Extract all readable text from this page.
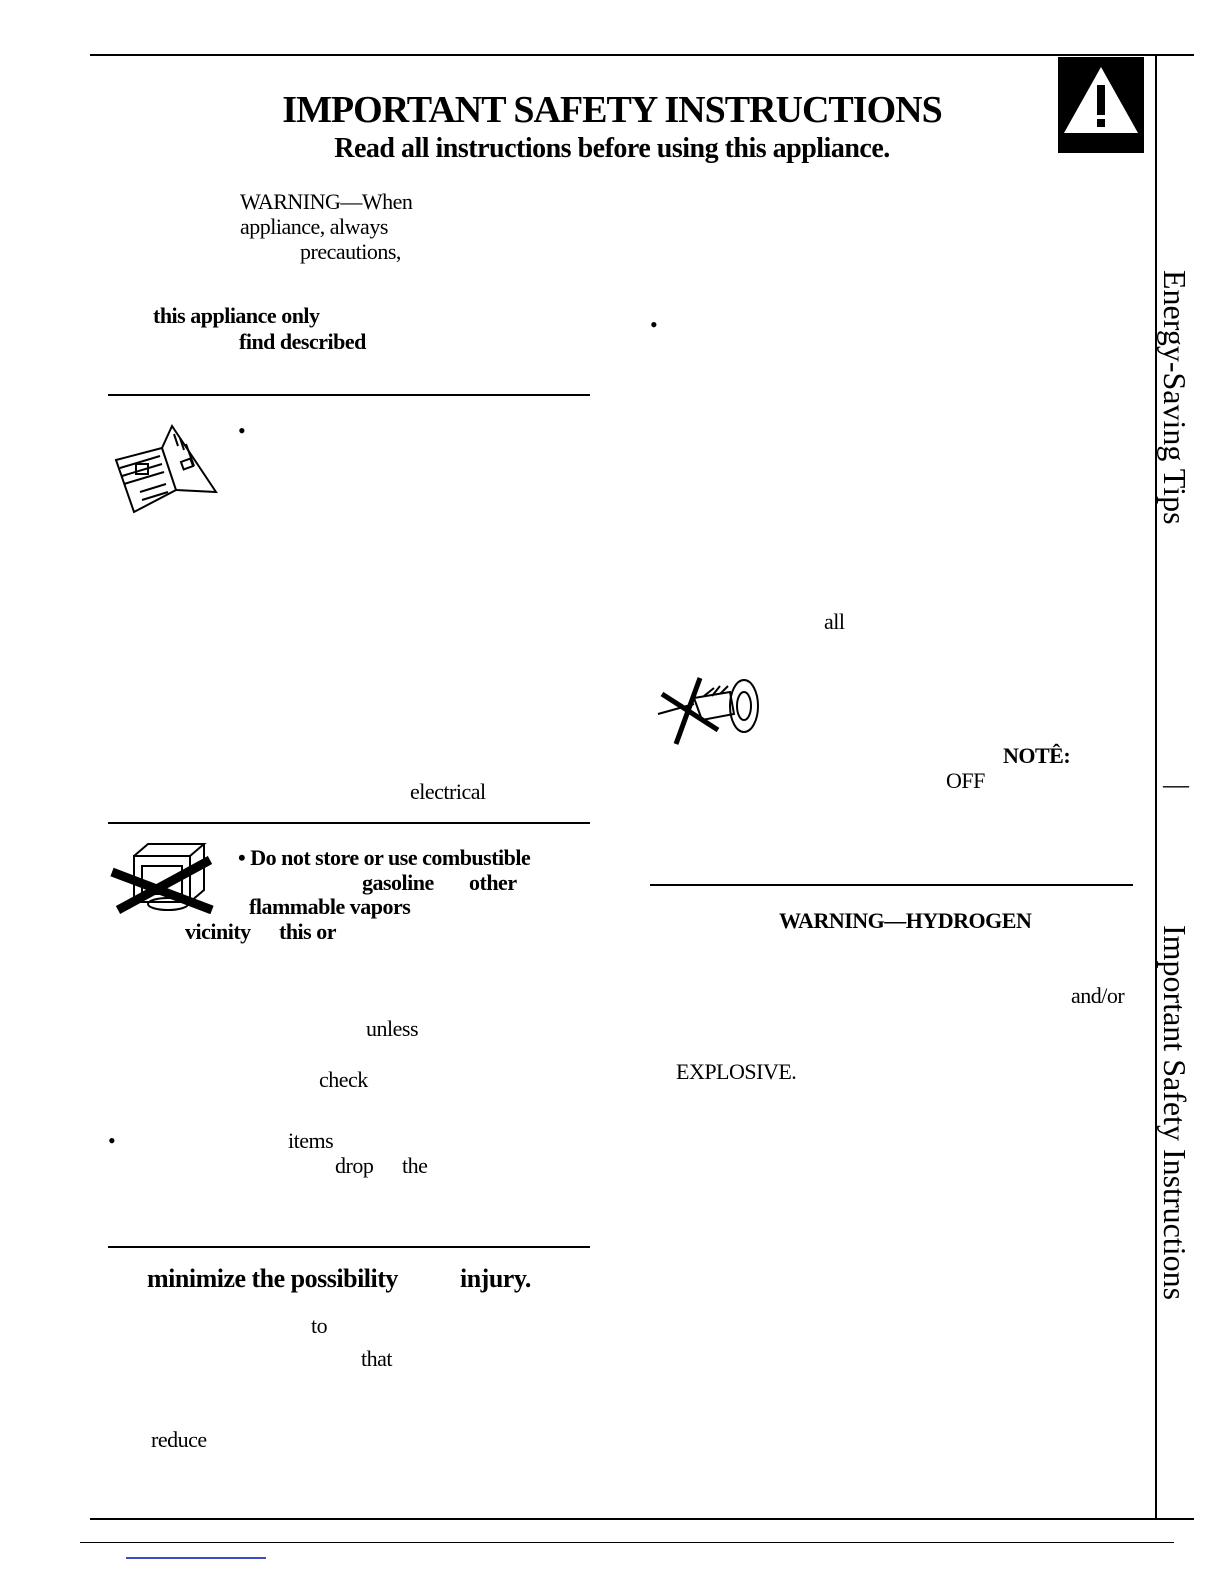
IMPORTANT SAFETY INSTRUCTIONS
Read all instructions before using this appliance.
Energy-Saving Tips
—
Important Safety Instructions
WARNING—When
appliance, always
precautions,
this appliance only
find described
•
electrical
• Do not store or use combustible
gasoline other
flammable vapors
vicinity this or
unless
check
•	items
drop the
minimize the possibility injury.
to
that
reduce
•
all
NOTÊ:
OFF
WARNING—HYDROGEN
and/or
EXPLOSIVE.
